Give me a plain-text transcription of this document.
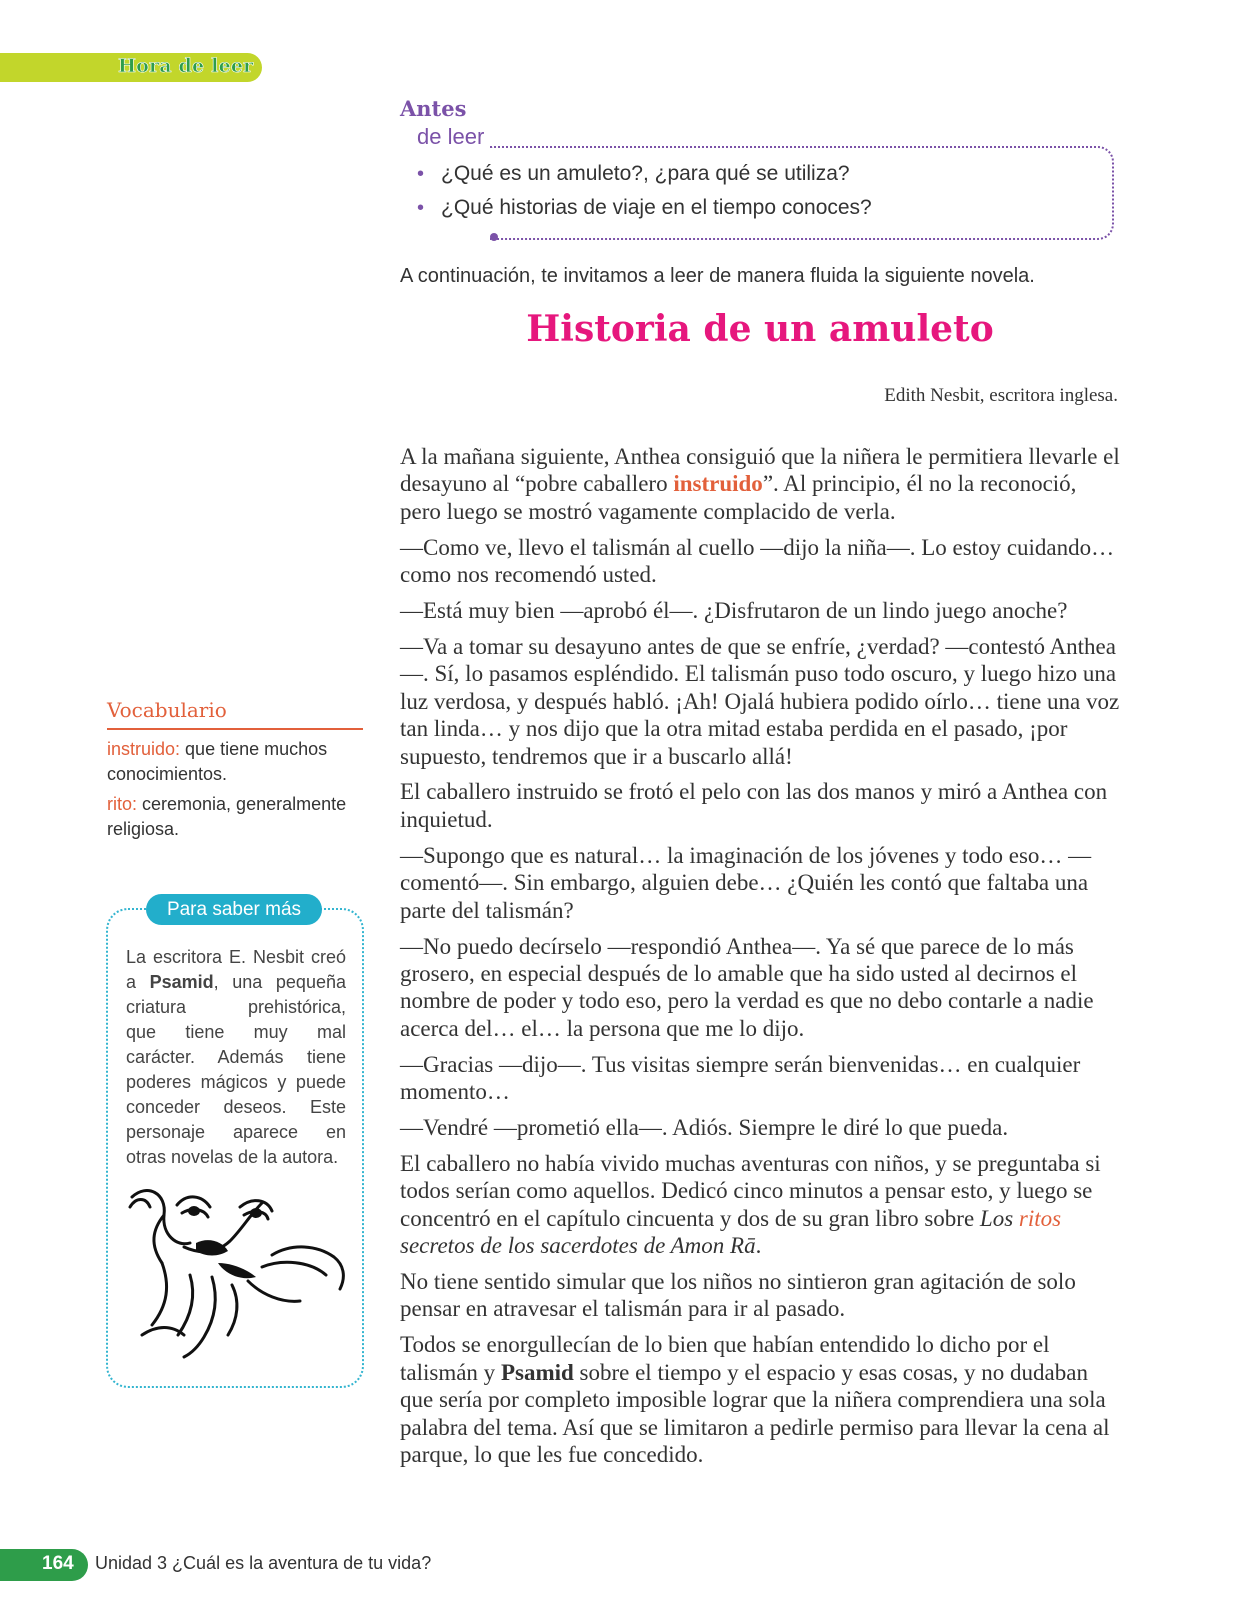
Hora de leer
Antes
de leer
• ¿Qué es un amuleto?, ¿para qué se utiliza?
• ¿Qué historias de viaje en el tiempo conoces?
A continuación, te invitamos a leer de manera fluida la siguiente novela.
Historia de un amuleto
Edith Nesbit, escritora inglesa.

A la mañana siguiente, Anthea consiguió que la niñera le permitiera llevarle el desayuno al “pobre caballero instruido”. Al principio, él no la reconoció, pero luego se mostró vagamente complacido de verla.

—Como ve, llevo el talismán al cuello —dijo la niña—. Lo estoy cuidando… como nos recomendó usted.

—Está muy bien —aprobó él—. ¿Disfrutaron de un lindo juego anoche?

—Va a tomar su desayuno antes de que se enfríe, ¿verdad? —contestó Anthea—. Sí, lo pasamos espléndido. El talismán puso todo oscuro, y luego hizo una luz verdosa, y después habló. ¡Ah! Ojalá hubiera podido oírlo… tiene una voz tan linda… y nos dijo que la otra mitad estaba perdida en el pasado, ¡por supuesto, tendremos que ir a buscarlo allá!

El caballero instruido se frotó el pelo con las dos manos y miró a Anthea con inquietud.

—Supongo que es natural… la imaginación de los jóvenes y todo eso… —comentó—. Sin embargo, alguien debe… ¿Quién les contó que faltaba una parte del talismán?

—No puedo decírselo —respondió Anthea—. Ya sé que parece de lo más grosero, en especial después de lo amable que ha sido usted al decirnos el nombre de poder y todo eso, pero la verdad es que no debo contarle a nadie acerca del… el… la persona que me lo dijo.

—Gracias —dijo—. Tus visitas siempre serán bienvenidas… en cualquier momento…

—Vendré —prometió ella—. Adiós. Siempre le diré lo que pueda.

El caballero no había vivido muchas aventuras con niños, y se preguntaba si todos serían como aquellos. Dedicó cinco minutos a pensar esto, y luego se concentró en el capítulo cincuenta y dos de su gran libro sobre Los ritos secretos de los sacerdotes de Amon Rā.

No tiene sentido simular que los niños no sintieron gran agitación de solo pensar en atravesar el talismán para ir al pasado.

Todos se enorgullecían de lo bien que habían entendido lo dicho por el talismán y Psamid sobre el tiempo y el espacio y esas cosas, y no dudaban que sería por completo imposible lograr que la niñera comprendiera una sola palabra del tema. Así que se limitaron a pedirle permiso para llevar la cena al parque, lo que les fue concedido.

Vocabulario

instruido: que tiene muchos conocimientos.

rito: ceremonia, generalmente religiosa.

Para saber más
La escritora E. Nesbit creó
a Psamid, una pequeña
criatura prehistórica,
que tiene muy mal
carácter. Además tiene
poderes mágicos y puede
conceder deseos. Este
personaje aparece en
otras novelas de la autora.
164 Unidad 3 ¿Cuál es la aventura de tu vida?
